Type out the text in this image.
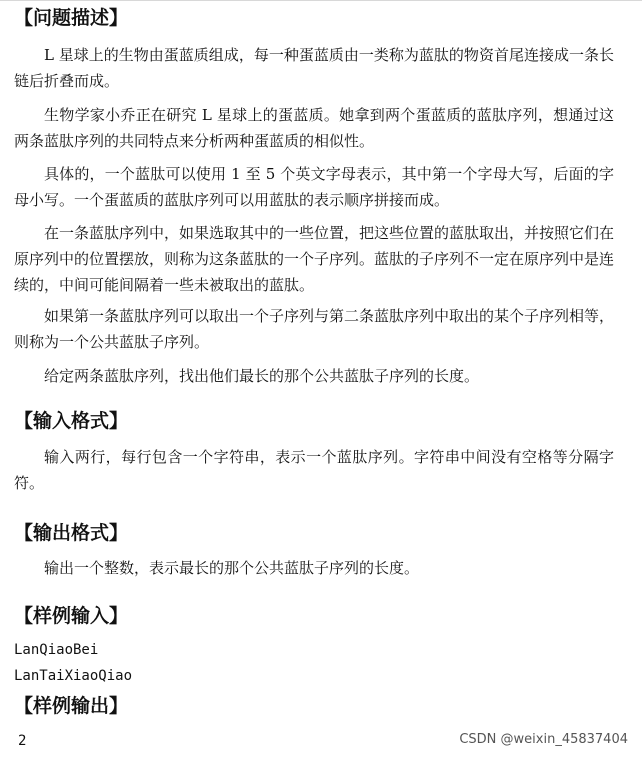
【问题描述】

L 星球上的生物由蛋蓝质组成，每一种蛋蓝质由一类称为蓝肽的物资首尾连接成一条长链后折叠而成。

生物学家小乔正在研究 L 星球上的蛋蓝质。她拿到两个蛋蓝质的蓝肽序列，想通过这两条蓝肽序列的共同特点来分析两种蛋蓝质的相似性。

具体的，一个蓝肽可以使用 1 至 5 个英文字母表示，其中第一个字母大写，后面的字母小写。一个蛋蓝质的蓝肽序列可以用蓝肽的表示顺序拼接而成。

在一条蓝肽序列中，如果选取其中的一些位置，把这些位置的蓝肽取出，并按照它们在原序列中的位置摆放，则称为这条蓝肽的一个子序列。蓝肽的子序列不一定在原序列中是连续的，中间可能间隔着一些未被取出的蓝肽。

如果第一条蓝肽序列可以取出一个子序列与第二条蓝肽序列中取出的某个子序列相等，则称为一个公共蓝肽子序列。

给定两条蓝肽序列，找出他们最长的那个公共蓝肽子序列的长度。

【输入格式】

输入两行，每行包含一个字符串，表示一个蓝肽序列。字符串中间没有空格等分隔字符。

【输出格式】

输出一个整数，表示最长的那个公共蓝肽子序列的长度。

【样例输入】
LanQiaoBei
LanTaiXiaoQiao
【样例输出】
2	CSDN @weixin_45837404
